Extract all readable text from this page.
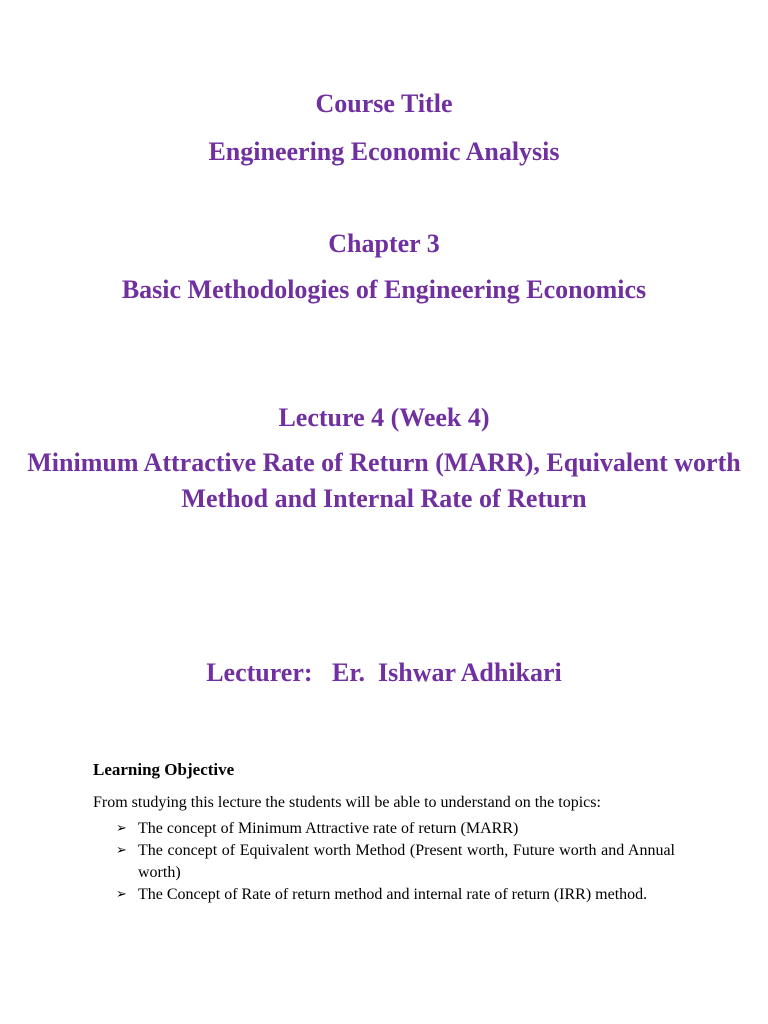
Course Title
Engineering Economic Analysis
Chapter 3
Basic Methodologies of Engineering Economics
Lecture 4 (Week 4)
Minimum Attractive Rate of Return (MARR), Equivalent worth Method and Internal Rate of Return
Lecturer:   Er.  Ishwar Adhikari
Learning Objective
From studying this lecture the students will be able to understand on the topics:
➢ The concept of Minimum Attractive rate of return (MARR)
➢ The concept of Equivalent worth Method (Present worth, Future worth and Annual worth)
➢ The Concept of Rate of return method and internal rate of return (IRR) method.
